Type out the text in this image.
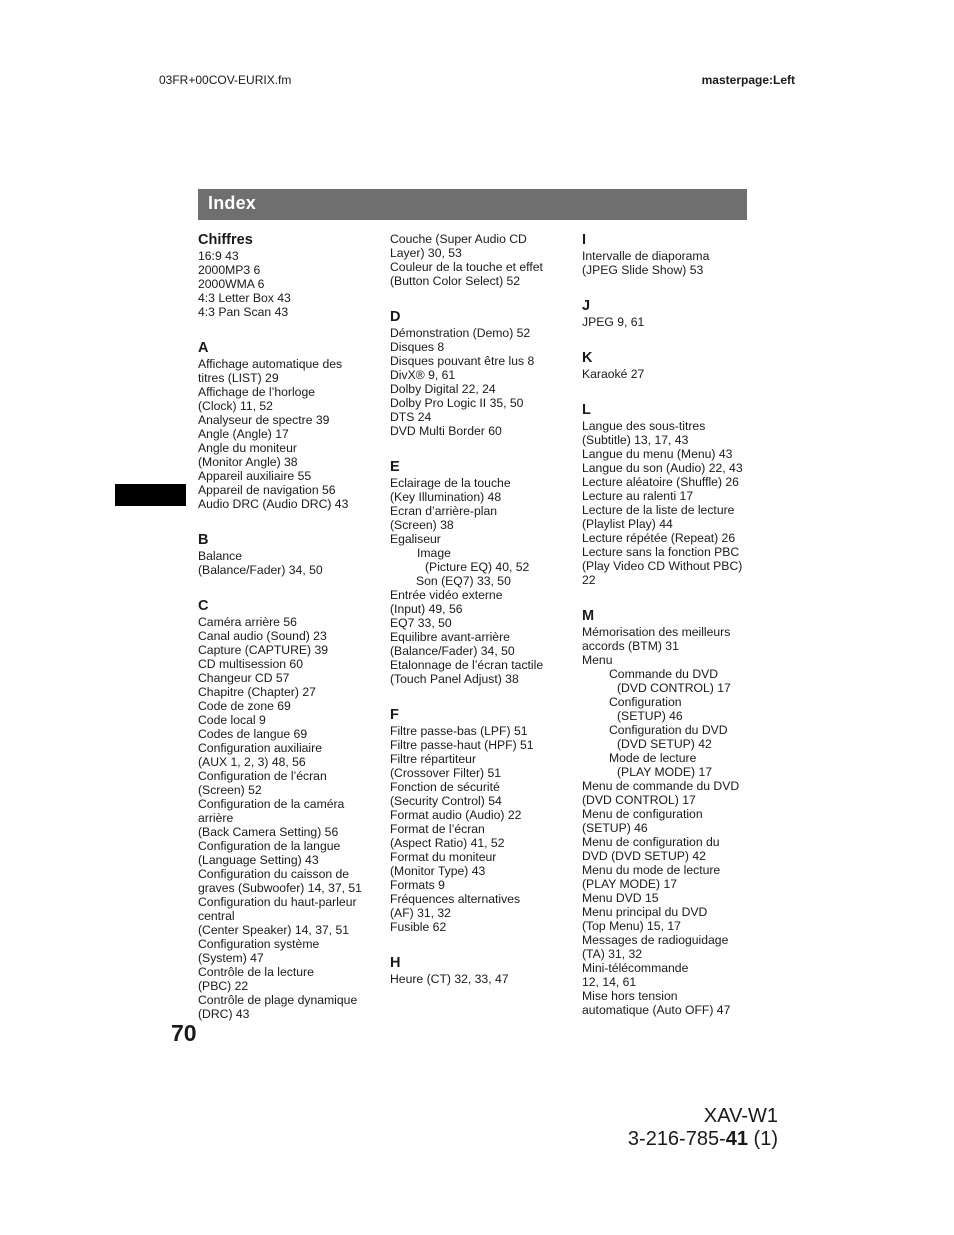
03FR+00COV-EURIX.fm	masterpage:Left
Index
Chiffres
16:9 43
2000MP3 6
2000WMA 6
4:3 Letter Box 43
4:3 Pan Scan 43
A
Affichage automatique des
titres (LIST) 29
Affichage de l’horloge
(Clock) 11, 52
Analyseur de spectre 39
Angle (Angle) 17
Angle du moniteur
(Monitor Angle) 38
Appareil auxiliaire 55
Appareil de navigation 56
Audio DRC (Audio DRC) 43
B
Balance
(Balance/Fader) 34, 50
C
Caméra arrière 56
Canal audio (Sound) 23
Capture (CAPTURE) 39
CD multisession 60
Changeur CD 57
Chapitre (Chapter) 27
Code de zone 69
Code local 9
Codes de langue 69
Configuration auxiliaire
(AUX 1, 2, 3) 48, 56
Configuration de l’écran
(Screen) 52
Configuration de la caméra
arrière
(Back Camera Setting) 56
Configuration de la langue
(Language Setting) 43
Configuration du caisson de
graves (Subwoofer) 14, 37, 51
Configuration du haut-parleur
central
(Center Speaker) 14, 37, 51
Configuration système
(System) 47
Contrôle de la lecture
(PBC) 22
Contrôle de plage dynamique
(DRC) 43
Couche (Super Audio CD
Layer) 30, 53
Couleur de la touche et effet
(Button Color Select) 52
D
Démonstration (Demo) 52
Disques 8
Disques pouvant être lus 8
DivX® 9, 61
Dolby Digital 22, 24
Dolby Pro Logic II 35, 50
DTS 24
DVD Multi Border 60
E
Eclairage de la touche
(Key Illumination) 48
Ecran d’arrière-plan
(Screen) 38
Egaliseur
Image
(Picture EQ) 40, 52
Son (EQ7) 33, 50
Entrée vidéo externe
(Input) 49, 56
EQ7 33, 50
Equilibre avant-arrière
(Balance/Fader) 34, 50
Etalonnage de l’écran tactile
(Touch Panel Adjust) 38
F
Filtre passe-bas (LPF) 51
Filtre passe-haut (HPF) 51
Filtre répartiteur
(Crossover Filter) 51
Fonction de sécurité
(Security Control) 54
Format audio (Audio) 22
Format de l’écran
(Aspect Ratio) 41, 52
Format du moniteur
(Monitor Type) 43
Formats 9
Fréquences alternatives
(AF) 31, 32
Fusible 62
H
Heure (CT) 32, 33, 47
I
Intervalle de diaporama
(JPEG Slide Show) 53
J
JPEG 9, 61
K
Karaoké 27
L
Langue des sous-titres
(Subtitle) 13, 17, 43
Langue du menu (Menu) 43
Langue du son (Audio) 22, 43
Lecture aléatoire (Shuffle) 26
Lecture au ralenti 17
Lecture de la liste de lecture
(Playlist Play) 44
Lecture répétée (Repeat) 26
Lecture sans la fonction PBC
(Play Video CD Without PBC)
22
M
Mémorisation des meilleurs
accords (BTM) 31
Menu
Commande du DVD
(DVD CONTROL) 17
Configuration
(SETUP) 46
Configuration du DVD
(DVD SETUP) 42
Mode de lecture
(PLAY MODE) 17
Menu de commande du DVD
(DVD CONTROL) 17
Menu de configuration
(SETUP) 46
Menu de configuration du
DVD (DVD SETUP) 42
Menu du mode de lecture
(PLAY MODE) 17
Menu DVD 15
Menu principal du DVD
(Top Menu) 15, 17
Messages de radioguidage
(TA) 31, 32
Mini-télécommande
12, 14, 61
Mise hors tension
automatique (Auto OFF) 47
70
XAV-W1
3-216-785-41 (1)
